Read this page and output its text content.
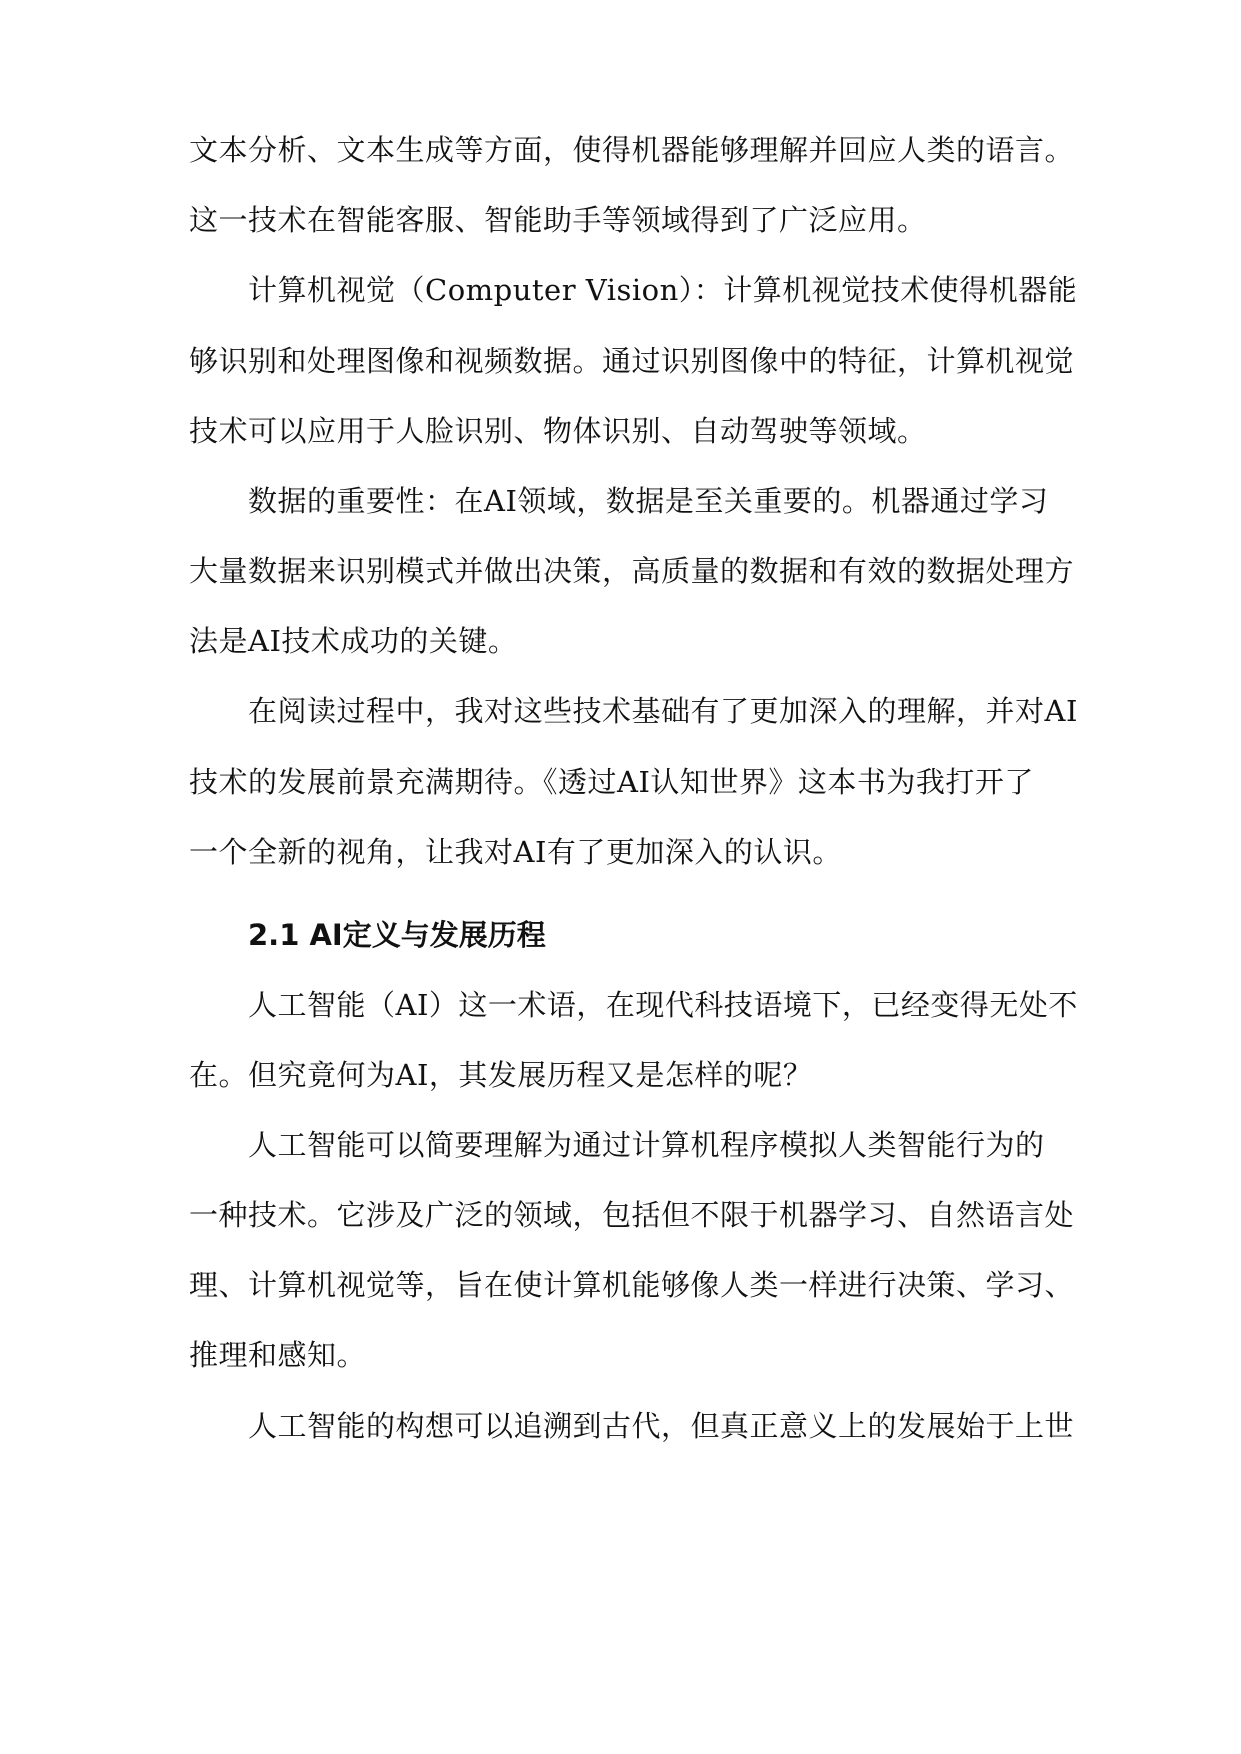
文本分析、文本生成等方面，使得机器能够理解并回应人类的语言。
这一技术在智能客服、智能助手等领域得到了广泛应用。
计算机视觉（Computer Vision）：计算机视觉技术使得机器能
够识别和处理图像和视频数据。通过识别图像中的特征，计算机视觉
技术可以应用于人脸识别、物体识别、自动驾驶等领域。
数据的重要性：在AI领域，数据是至关重要的。机器通过学习
大量数据来识别模式并做出决策，高质量的数据和有效的数据处理方
法是AI技术成功的关键。
在阅读过程中，我对这些技术基础有了更加深入的理解，并对AI
技术的发展前景充满期待。《透过AI认知世界》这本书为我打开了
一个全新的视角，让我对AI有了更加深入的认识。
2.1 AI定义与发展历程
人工智能（AI）这一术语，在现代科技语境下，已经变得无处不
在。但究竟何为AI，其发展历程又是怎样的呢？
人工智能可以简要理解为通过计算机程序模拟人类智能行为的
一种技术。它涉及广泛的领域，包括但不限于机器学习、自然语言处
理、计算机视觉等，旨在使计算机能够像人类一样进行决策、学习、
推理和感知。
人工智能的构想可以追溯到古代，但真正意义上的发展始于上世
